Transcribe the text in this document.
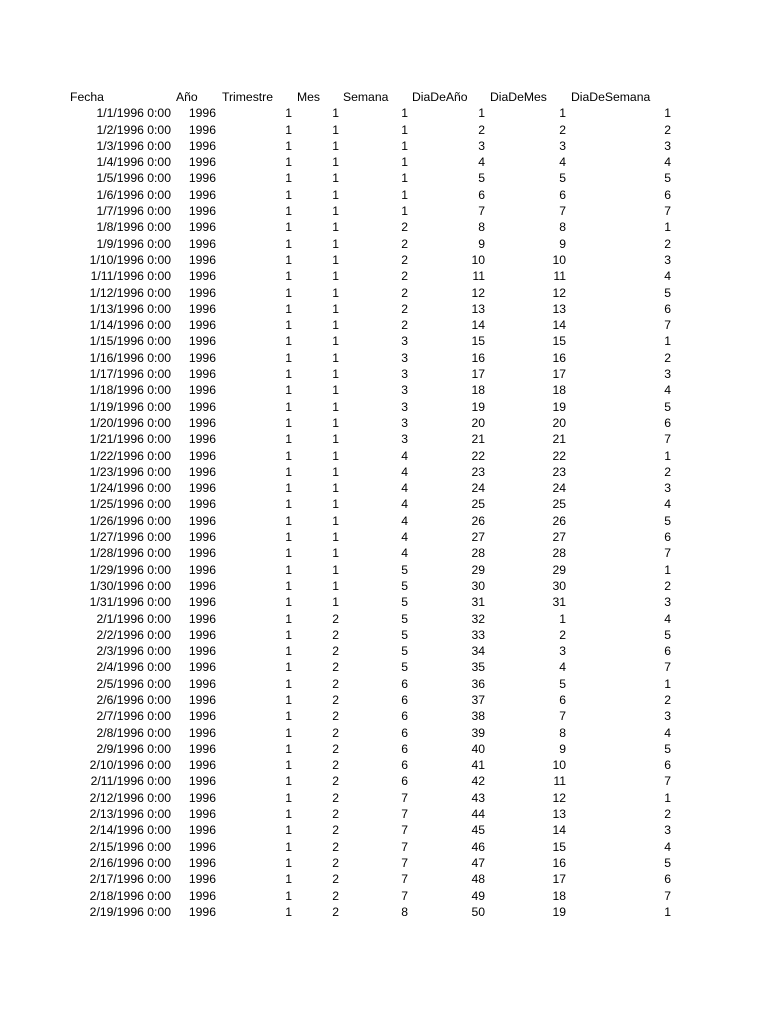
Fecha	Año Trimestre Mes Semana DiaDeAño DiaDeMes DiaDeSemana
1/1/1996 0:00 1996	1	1	1	1	1	1
1/2/1996 0:00 1996	1	1	1	2	2	2
1/3/1996 0:00 1996	1	1	1	3	3	3
1/4/1996 0:00 1996	1	1	1	4	4	4
1/5/1996 0:00 1996	1	1	1	5	5	5
1/6/1996 0:00 1996	1	1	1	6	6	6
1/7/1996 0:00 1996	1	1	1	7	7	7
1/8/1996 0:00 1996	1	1	2	8	8	1
1/9/1996 0:00 1996	1	1	2	9	9	2
1/10/1996 0:00 1996	1	1	2	10	10	3
1/11/1996 0:00 1996	1	1	2	11	11	4
1/12/1996 0:00 1996	1	1	2	12	12	5
1/13/1996 0:00 1996	1	1	2	13	13	6
1/14/1996 0:00 1996	1	1	2	14	14	7
1/15/1996 0:00 1996	1	1	3	15	15	1
1/16/1996 0:00 1996	1	1	3	16	16	2
1/17/1996 0:00 1996	1	1	3	17	17	3
1/18/1996 0:00 1996	1	1	3	18	18	4
1/19/1996 0:00 1996	1	1	3	19	19	5
1/20/1996 0:00 1996	1	1	3	20	20	6
1/21/1996 0:00 1996	1	1	3	21	21	7
1/22/1996 0:00 1996	1	1	4	22	22	1
1/23/1996 0:00 1996	1	1	4	23	23	2
1/24/1996 0:00 1996	1	1	4	24	24	3
1/25/1996 0:00 1996	1	1	4	25	25	4
1/26/1996 0:00 1996	1	1	4	26	26	5
1/27/1996 0:00 1996	1	1	4	27	27	6
1/28/1996 0:00 1996	1	1	4	28	28	7
1/29/1996 0:00 1996	1	1	5	29	29	1
1/30/1996 0:00 1996	1	1	5	30	30	2
1/31/1996 0:00 1996	1	1	5	31	31	3
2/1/1996 0:00 1996	1	2	5	32	1	4
2/2/1996 0:00 1996	1	2	5	33	2	5
2/3/1996 0:00 1996	1	2	5	34	3	6
2/4/1996 0:00 1996	1	2	5	35	4	7
2/5/1996 0:00 1996	1	2	6	36	5	1
2/6/1996 0:00 1996	1	2	6	37	6	2
2/7/1996 0:00 1996	1	2	6	38	7	3
2/8/1996 0:00 1996	1	2	6	39	8	4
2/9/1996 0:00 1996	1	2	6	40	9	5
2/10/1996 0:00 1996	1	2	6	41	10	6
2/11/1996 0:00 1996	1	2	6	42	11	7
2/12/1996 0:00 1996	1	2	7	43	12	1
2/13/1996 0:00 1996	1	2	7	44	13	2
2/14/1996 0:00 1996	1	2	7	45	14	3
2/15/1996 0:00 1996	1	2	7	46	15	4
2/16/1996 0:00 1996	1	2	7	47	16	5
2/17/1996 0:00 1996	1	2	7	48	17	6
2/18/1996 0:00 1996	1	2	7	49	18	7
2/19/1996 0:00 1996	1	2	8	50	19	1
